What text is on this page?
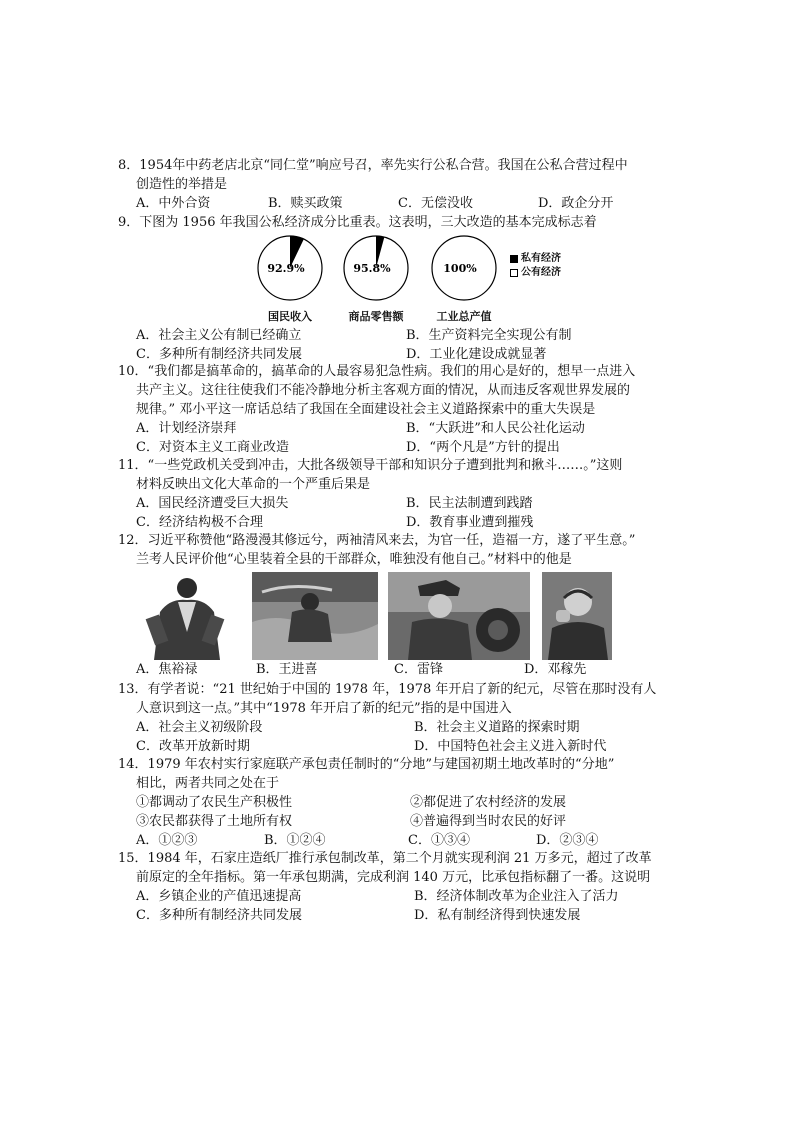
8．1954年中药老店北京“同仁堂”响应号召，率先实行公私合营。我国在公私合营过程中
创造性的举措是
A．中外合资	B．赎买政策	C．无偿没收	D．政企分开
9．下图为 1956 年我国公私经济成分比重表。这表明，三大改造的基本完成标志着
92.9%	95.8%	100%
国民收入	商品零售额	工业总产值
私有经济
公有经济
A．社会主义公有制已经确立	B．生产资料完全实现公有制
C．多种所有制经济共同发展	D．工业化建设成就显著
10．“我们都是搞革命的，搞革命的人最容易犯急性病。我们的用心是好的，想早一点进入
共产主义。这往往使我们不能冷静地分析主客观方面的情况，从而违反客观世界发展的
规律。” 邓小平这一席话总结了我国在全面建设社会主义道路探索中的重大失误是
A．计划经济崇拜	B．“大跃进”和人民公社化运动
C．对资本主义工商业改造	D．“两个凡是”方针的提出
11．“一些党政机关受到冲击，大批各级领导干部和知识分子遭到批判和揪斗……。”这则
材料反映出文化大革命的一个严重后果是
A．国民经济遭受巨大损失	B．民主法制遭到践踏
C．经济结构极不合理	D．教育事业遭到摧残
12．习近平称赞他“路漫漫其修远兮，两袖清风来去，为官一任，造福一方，遂了平生意。”
兰考人民评价他“心里装着全县的干部群众，唯独没有他自己。”材料中的他是
A．焦裕禄	B．王进喜	C．雷锋	D．邓稼先
13．有学者说：“21 世纪始于中国的 1978 年，1978 年开启了新的纪元，尽管在那时没有人
人意识到这一点。”其中“1978 年开启了新的纪元”指的是中国进入
A．社会主义初级阶段	B．社会主义道路的探索时期
C．改革开放新时期	D．中国特色社会主义进入新时代
14．1979 年农村实行家庭联产承包责任制时的“分地”与建国初期土地改革时的“分地”
相比，两者共同之处在于
①都调动了农民生产积极性	②都促进了农村经济的发展
③农民都获得了土地所有权	④普遍得到当时农民的好评
A．①②③	B．①②④	C．①③④	D．②③④
15．1984 年，石家庄造纸厂推行承包制改革，第二个月就实现利润 21 万多元，超过了改革
前原定的全年指标。第一年承包期满，完成利润 140 万元，比承包指标翻了一番。这说明
A．乡镇企业的产值迅速提高	B．经济体制改革为企业注入了活力
C．多种所有制经济共同发展	D．私有制经济得到快速发展
